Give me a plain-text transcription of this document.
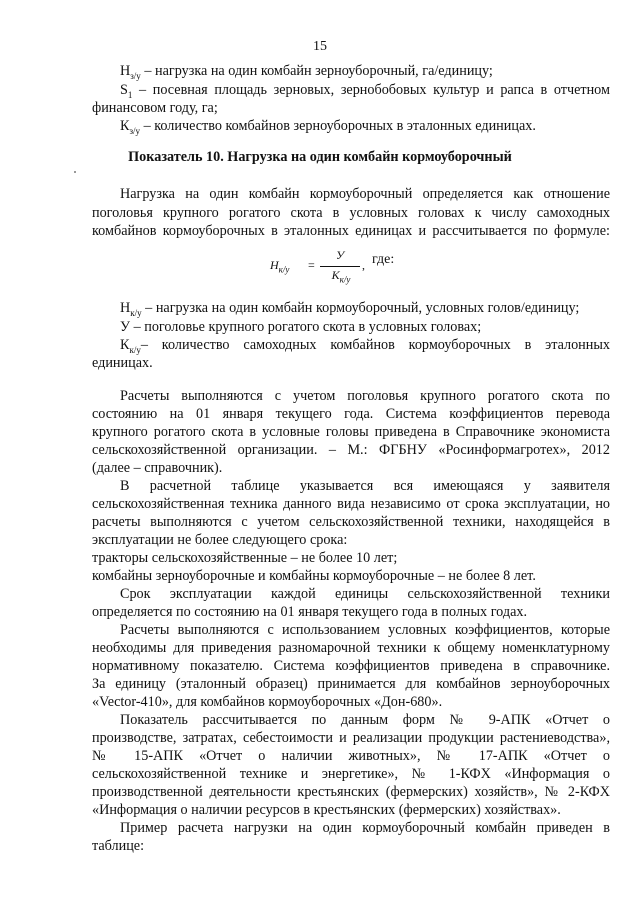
15
$Н_{з/у}$ – нагрузка на один комбайн зерноуборочный, га/единицу;
$S_1$ – посевная площадь зерновых, зернобобовых культур и рапса в отчетном
финансовом году, га;
$К_{з/у}$ – количество комбайнов зерноуборочных в эталонных единицах.
Показатель 10. Нагрузка на один комбайн кормоуборочный
Нагрузка на один комбайн кормоуборочный определяется как отношение
поголовья крупного рогатого скота в условных головах к числу самоходных
комбайнов кормоуборочных в эталонных единицах и рассчитывается по формуле:
$Н_{к/у}$ =
У
$К_{к/у}$
, где:
$Н_{к/у}$ – нагрузка на один комбайн кормоуборочный, условных голов/единицу;
У – поголовье крупного рогатого скота в условных головах;
$К_{к/у}-$ количество самоходных комбайнов кормоуборочных в эталонных
единицах.
Расчеты выполняются с учетом поголовья крупного рогатого скота по
состоянию на 01 января текущего года. Система коэффициентов перевода
крупного рогатого скота в условные головы приведена в Справочнике экономиста
сельскохозяйственной организации. – М.: ФГБНУ «Росинформагротех», 2012
(далее – справочник).
В расчетной таблице указывается вся имеющаяся у заявителя
сельскохозяйственная техника данного вида независимо от срока эксплуатации, но
расчеты выполняются с учетом сельскохозяйственной техники, находящейся в
эксплуатации не более следующего срока:
тракторы сельскохозяйственные – не более 10 лет;
комбайны зерноуборочные и комбайны кормоуборочные – не более 8 лет.
Срок эксплуатации каждой единицы сельскохозяйственной техники
определяется по состоянию на 01 января текущего года в полных годах.
Расчеты выполняются с использованием условных коэффициентов, которые
необходимы для приведения разномарочной техники к общему номенклатурному
нормативному показателю. Система коэффициентов приведена в справочнике.
За единицу (эталонный образец) принимается для комбайнов зерноуборочных
«Vector-410», для комбайнов кормоуборочных «Дон-680».
Показатель рассчитывается по данным форм № 9-АПК «Отчет о
производстве, затратах, себестоимости и реализации продукции растениеводства»,
№ 15-АПК «Отчет о наличии животных», № 17-АПК «Отчет о
сельскохозяйственной технике и энергетике», № 1-КФХ «Информация о
производственной деятельности крестьянских (фермерских) хозяйств», № 2-КФХ
«Информация о наличии ресурсов в крестьянских (фермерских) хозяйствах».
Пример расчета нагрузки на один кормоуборочный комбайн приведен в
таблице:
